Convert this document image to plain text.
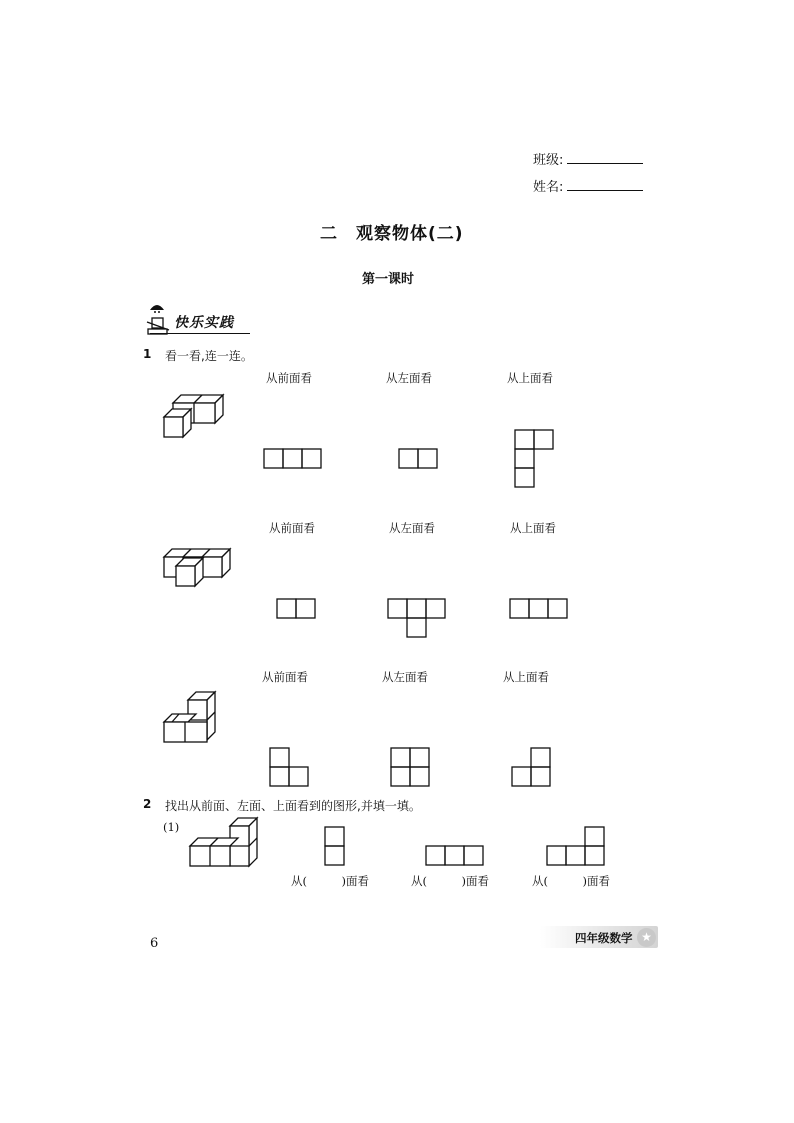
班级:
姓名:
二　观察物体(二)
第一课时
快乐实践
1 看一看,连一连。
从前面看	从左面看	从上面看
从前面看	从左面看	从上面看
从前面看	从左面看	从上面看
2 找出从前面、左面、上面看到的图形,并填一填。
(1)
从(　　　)面看	从(　　　)面看	从(　　　)面看
6	四年级数学 ★
